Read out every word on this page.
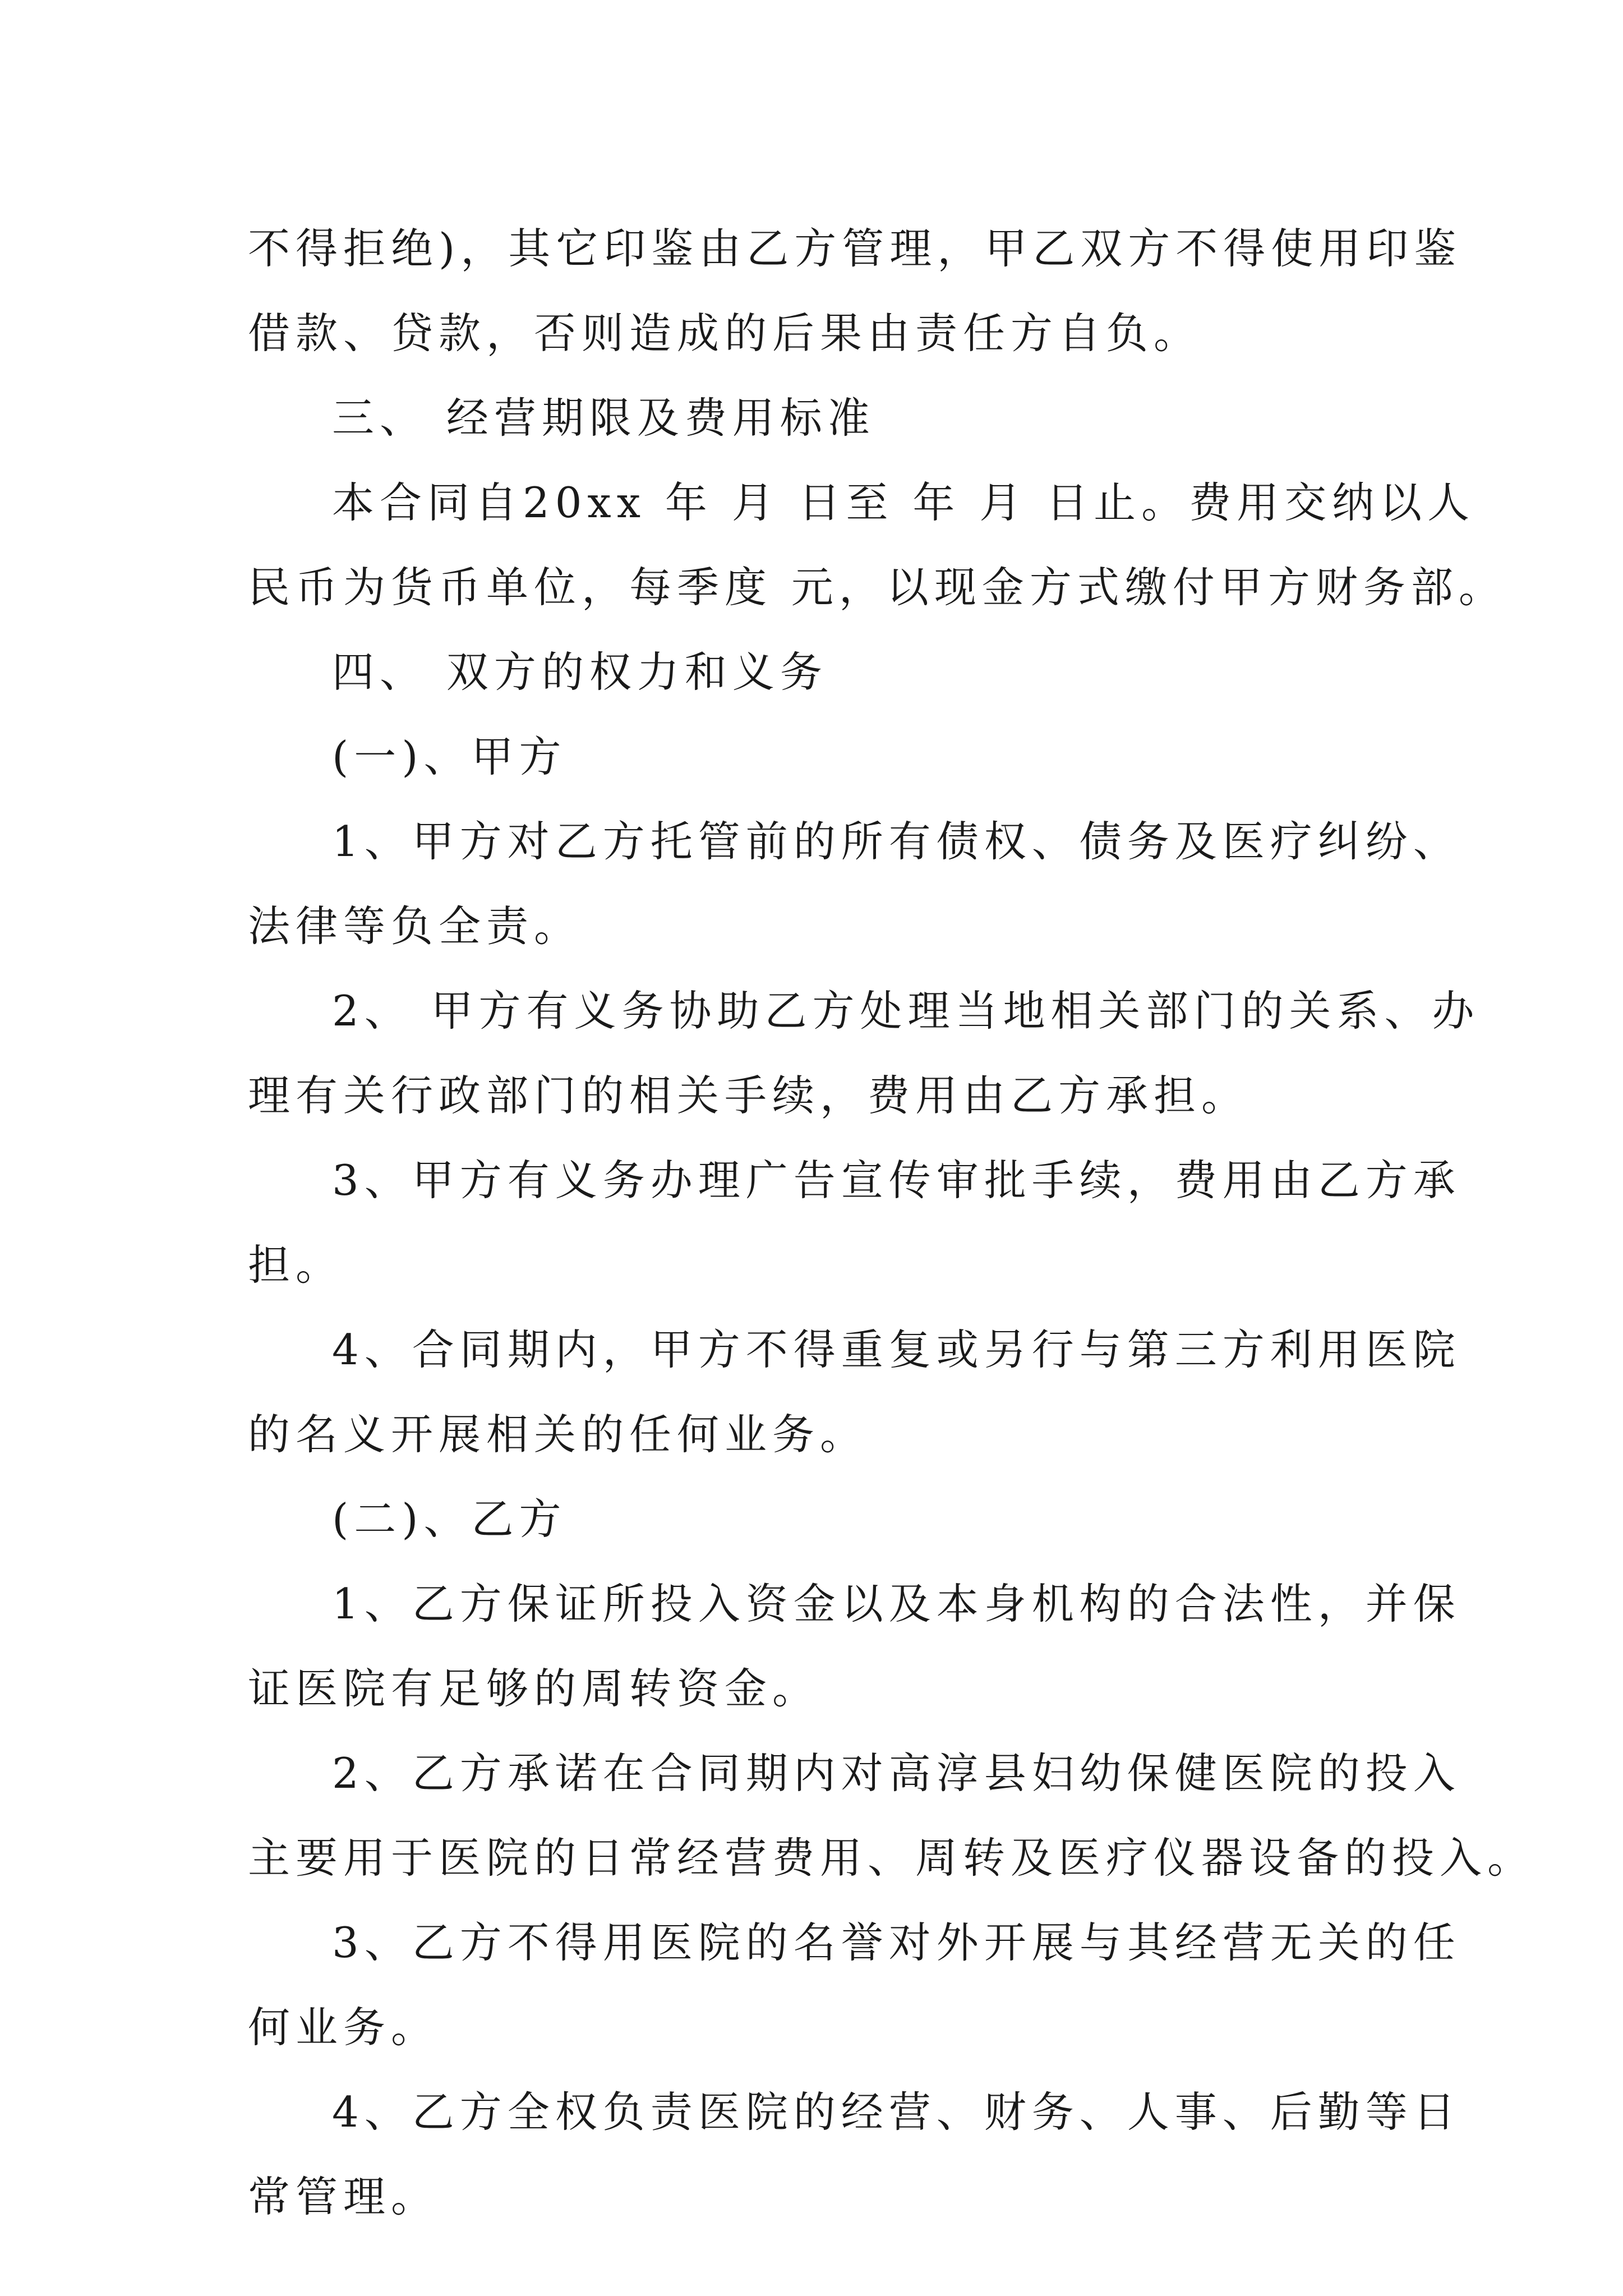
不得拒绝)，其它印鉴由乙方管理，甲乙双方不得使用印鉴
借款、贷款，否则造成的后果由责任方自负。
三、 经营期限及费用标准
本合同自20xx 年 月 日至 年 月 日止。费用交纳以人
民币为货币单位，每季度 元，以现金方式缴付甲方财务部。
四、 双方的权力和义务
(一)、甲方
1、甲方对乙方托管前的所有债权、债务及医疗纠纷、
法律等负全责。
2、 甲方有义务协助乙方处理当地相关部门的关系、办
理有关行政部门的相关手续，费用由乙方承担。
3、甲方有义务办理广告宣传审批手续，费用由乙方承
担。
4、合同期内，甲方不得重复或另行与第三方利用医院
的名义开展相关的任何业务。
(二)、乙方
1、乙方保证所投入资金以及本身机构的合法性，并保
证医院有足够的周转资金。
2、乙方承诺在合同期内对高淳县妇幼保健医院的投入
主要用于医院的日常经营费用、周转及医疗仪器设备的投入。
3、乙方不得用医院的名誉对外开展与其经营无关的任
何业务。
4、乙方全权负责医院的经营、财务、人事、后勤等日
常管理。
